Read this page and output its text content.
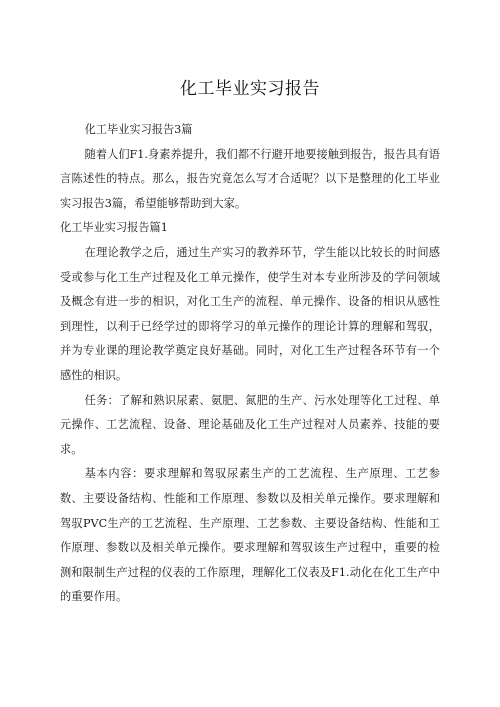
化工毕业实习报告

化工毕业实习报告3篇

随着人们F1.身素养提升，我们都不行避开地要接触到报告，报告具有语言陈述性的特点。那么，报告究竟怎么写才合适呢？以下是整理的化工毕业实习报告3篇，希望能够帮助到大家。

化工毕业实习报告篇1

在理论教学之后，通过生产实习的教养环节，学生能以比较长的时间感受或参与化工生产过程及化工单元操作，使学生对本专业所涉及的学问领域及概念有进一步的相识，对化工生产的流程、单元操作、设备的相识从感性到理性，以利于已经学过的即将学习的单元操作的理论计算的理解和驾驭，并为专业课的理论教学奠定良好基础。同时，对化工生产过程各环节有一个感性的相识。

任务：了解和熟识尿素、氨肥、氮肥的生产、污水处理等化工过程、单元操作、工艺流程、设备、理论基础及化工生产过程对人员素养、技能的要求。

基本内容：要求理解和驾驭尿素生产的工艺流程、生产原理、工艺参数、主要设备结构、性能和工作原理、参数以及相关单元操作。要求理解和驾驭PVC生产的工艺流程、生产原理、工艺参数、主要设备结构、性能和工作原理、参数以及相关单元操作。要求理解和驾驭该生产过程中，重要的检测和限制生产过程的仪表的工作原理，理解化工仪表及F1.动化在化工生产中的重要作用。
